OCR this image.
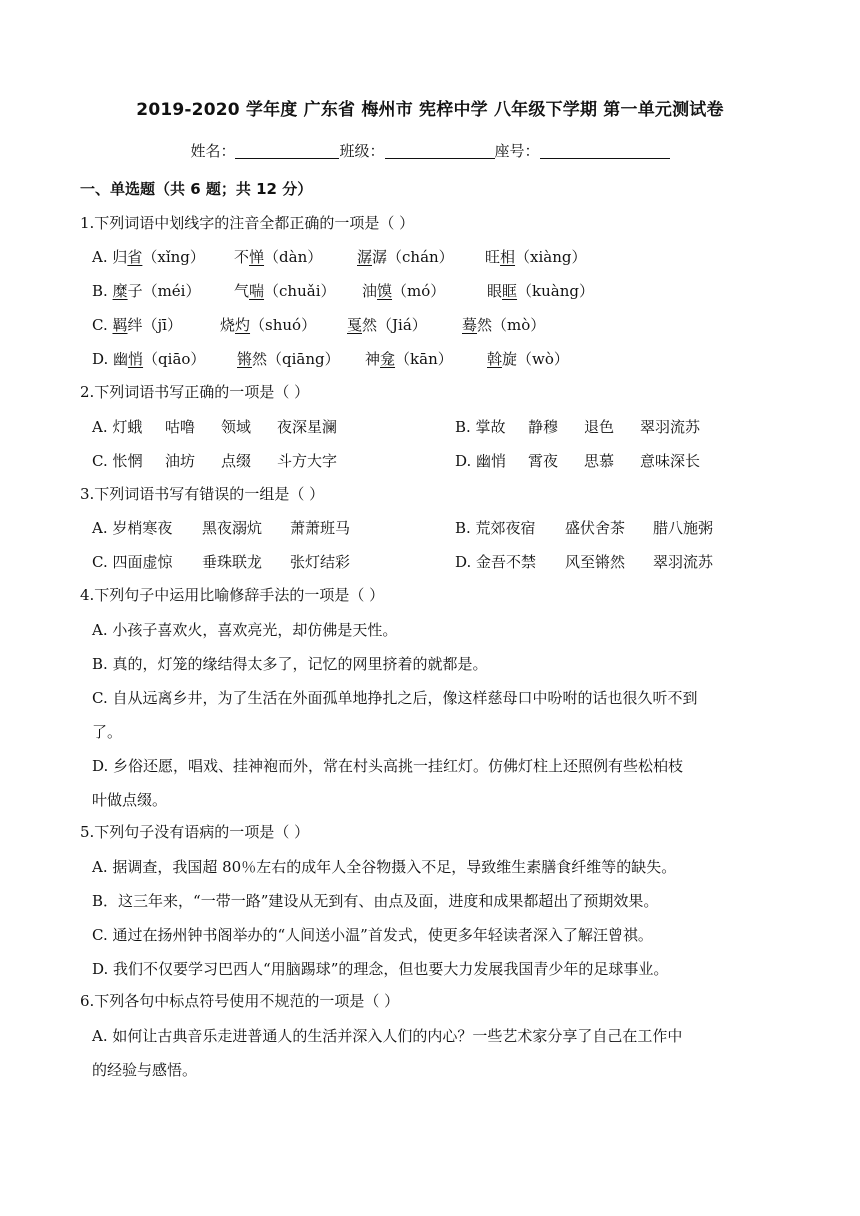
2019-2020 学年度 广东省 梅州市 宪梓中学 八年级下学期 第一单元测试卷
姓名：	班级：	座号：
一、单选题（共 6 题；共 12 分）
1.下列词语中划线字的注音全都正确的一项是（ ）
A. 归省（xǐng） 不惮（dàn） 潺潺（chán） 旺相（xiàng）
B. 糜子（méi） 气喘（chuǎi） 油馍（mó）	眼眶（kuàng）
C. 羁绊（jī）	烧灼（shuó） 戛然（Jiá） 蓦然（mò）
D. 幽悄（qiāo） 锵然（qiāng） 神龛（kān） 斡旋（wò）
2.下列词语书写正确的一项是（ ）
A. 灯蛾 咕噜 领域 夜深星澜	B. 掌故 静穆 退色 翠羽流苏
C. 怅惘 油坊 点缀 斗方大字	D. 幽悄 霄夜 思慕 意味深长
3.下列词语书写有错误的一组是（ ）
A. 岁梢寒夜 黑夜溺炕 萧萧班马	B. 荒郊夜宿 盛伏舍茶 腊八施粥
C. 四面虚惊 垂珠联龙 张灯结彩	D. 金吾不禁 风至锵然 翠羽流苏
4.下列句子中运用比喻修辞手法的一项是（ ）
A. 小孩子喜欢火，喜欢亮光，却仿佛是天性。
B. 真的，灯笼的缘结得太多了，记忆的网里挤着的就都是。
C. 自从远离乡井，为了生活在外面孤单地挣扎之后，像这样慈母口中吩咐的话也很久听不到
了。
D. 乡俗还愿，唱戏、挂神袍而外，常在村头高挑一挂红灯。仿佛灯柱上还照例有些松柏枝
叶做点缀。
5.下列句子没有语病的一项是（ ）
A. 据调查，我国超 80％左右的成年人全谷物摄入不足，导致维生素膳食纤维等的缺失。
B．这三年来，“一带一路”建设从无到有、由点及面，进度和成果都超出了预期效果。
C. 通过在扬州钟书阁举办的“人间送小温”首发式，使更多年轻读者深入了解汪曾祺。
D. 我们不仅要学习巴西人“用脑踢球”的理念，但也要大力发展我国青少年的足球事业。
6.下列各句中标点符号使用不规范的一项是（ ）
A. 如何让古典音乐走进普通人的生活并深入人们的内心？一些艺术家分享了自己在工作中
的经验与感悟。
